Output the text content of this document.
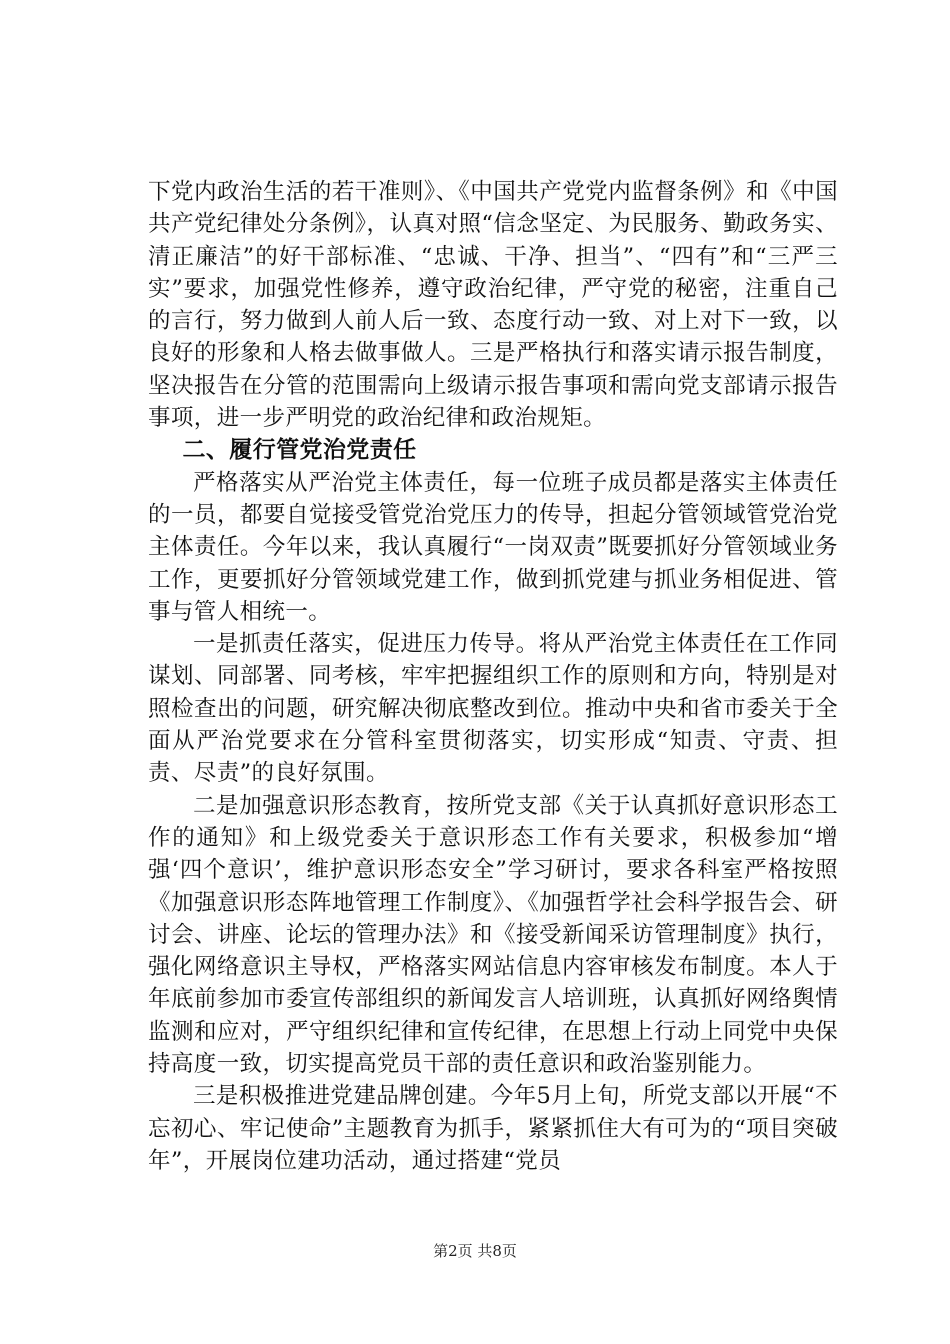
下党内政治生活的若干准则》、《中国共产党党内监督条例》和《中国共产党纪律处分条例》，认真对照“信念坚定、为民服务、勤政务实、清正廉洁”的好干部标准、“忠诚、干净、担当”、“四有”和“三严三实”要求，加强党性修养，遵守政治纪律，严守党的秘密，注重自己的言行，努力做到人前人后一致、态度行动一致、对上对下一致，以良好的形象和人格去做事做人。三是严格执行和落实请示报告制度，坚决报告在分管的范围需向上级请示报告事项和需向党支部请示报告事项，进一步严明党的政治纪律和政治规矩。

二、履行管党治党责任

严格落实从严治党主体责任，每一位班子成员都是落实主体责任的一员，都要自觉接受管党治党压力的传导，担起分管领域管党治党主体责任。今年以来，我认真履行“一岗双责”既要抓好分管领域业务工作，更要抓好分管领域党建工作，做到抓党建与抓业务相促进、管事与管人相统一。

一是抓责任落实，促进压力传导。将从严治党主体责任在工作同谋划、同部署、同考核，牢牢把握组织工作的原则和方向，特别是对照检查出的问题，研究解决彻底整改到位。推动中央和省市委关于全面从严治党要求在分管科室贯彻落实，切实形成“知责、守责、担责、尽责”的良好氛围。

二是加强意识形态教育，按所党支部《关于认真抓好意识形态工作的通知》和上级党委关于意识形态工作有关要求，积极参加“增强‘四个意识’，维护意识形态安全”学习研讨，要求各科室严格按照《加强意识形态阵地管理工作制度》、《加强哲学社会科学报告会、研讨会、讲座、论坛的管理办法》和《接受新闻采访管理制度》执行，强化网络意识主导权，严格落实网站信息内容审核发布制度。本人于年底前参加市委宣传部组织的新闻发言人培训班，认真抓好网络舆情监测和应对，严守组织纪律和宣传纪律，在思想上行动上同党中央保持高度一致，切实提高党员干部的责任意识和政治鉴别能力。

三是积极推进党建品牌创建。今年5月上旬，所党支部以开展“不忘初心、牢记使命”主题教育为抓手，紧紧抓住大有可为的“项目突破年”，开展岗位建功活动，通过搭建“党员

第2页 共8页
